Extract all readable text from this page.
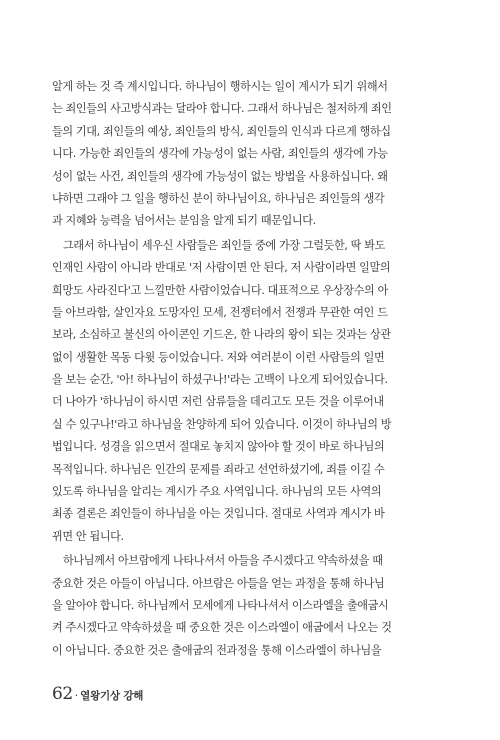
알게 하는 것 즉 계시입니다. 하나님이 행하시는 일이 계시가 되기 위해서
는 죄인들의 사고방식과는 달라야 합니다. 그래서 하나님은 철저하게 죄인
들의 기대, 죄인들의 예상, 죄인들의 방식, 죄인들의 인식과 다르게 행하십
니다. 가능한 죄인들의 생각에 가능성이 없는 사람, 죄인들의 생각에 가능
성이 없는 사건, 죄인들의 생각에 가능성이 없는 방법을 사용하십니다. 왜
냐하면 그래야 그 일을 행하신 분이 하나님이요, 하나님은 죄인들의 생각
과 지혜와 능력을 넘어서는 분임을 알게 되기 때문입니다.
그래서 하나님이 세우신 사람들은 죄인들 중에 가장 그럴듯한, 딱 봐도
인재인 사람이 아니라 반대로 '저 사람이면 안 된다, 저 사람이라면 일말의
희망도 사라진다'고 느낄만한 사람이었습니다. 대표적으로 우상장수의 아
들 아브라함, 살인자요 도망자인 모세, 전쟁터에서 전쟁과 무관한 여인 드
보라, 소심하고 불신의 아이콘인 기드온, 한 나라의 왕이 되는 것과는 상관
없이 생활한 목동 다윗 등이었습니다. 저와 여러분이 이런 사람들의 일면
을 보는 순간, '아! 하나님이 하셨구나!'라는 고백이 나오게 되어있습니다.
더 나아가 '하나님이 하시면 저런 삼류들을 데리고도 모든 것을 이루어내
실 수 있구나!'라고 하나님을 찬양하게 되어 있습니다. 이것이 하나님의 방
법입니다. 성경을 읽으면서 절대로 놓치지 않아야 할 것이 바로 하나님의
목적입니다. 하나님은 인간의 문제를 죄라고 선언하셨기에, 죄를 이길 수
있도록 하나님을 알리는 계시가 주요 사역입니다. 하나님의 모든 사역의
최종 결론은 죄인들이 하나님을 아는 것입니다. 절대로 사역과 계시가 바
뀌면 안 됩니다.
하나님께서 아브람에게 나타나셔서 아들을 주시겠다고 약속하셨을 때
중요한 것은 아들이 아닙니다. 아브람은 아들을 얻는 과정을 통해 하나님
을 알아야 합니다. 하나님께서 모세에게 나타나셔서 이스라엘을 출애굽시
켜 주시겠다고 약속하셨을 때 중요한 것은 이스라엘이 애굽에서 나오는 것
이 아닙니다. 중요한 것은 출애굽의 전과정을 통해 이스라엘이 하나님을
62 · 열왕기상 강해
